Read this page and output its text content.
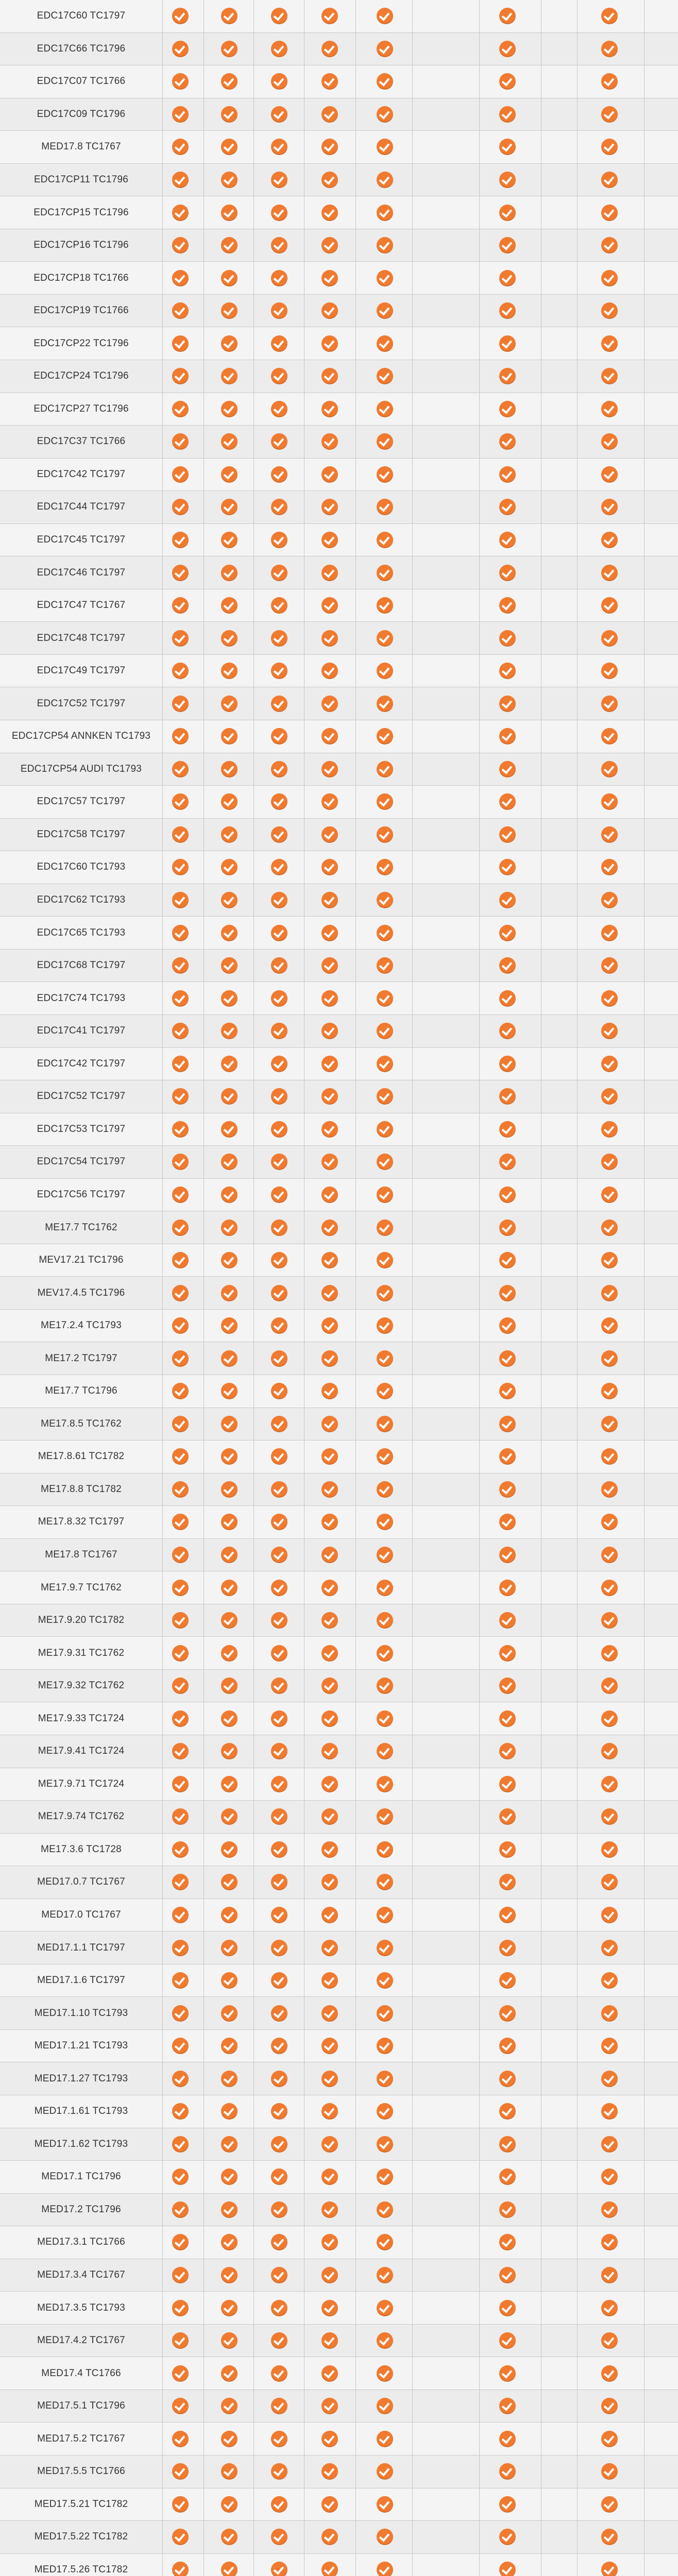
EDC17C60 TC1797
EDC17C66 TC1796
EDC17C07 TC1766
EDC17C09 TC1796
MED17.8 TC1767
EDC17CP11 TC1796
EDC17CP15 TC1796
EDC17CP16 TC1796
EDC17CP18 TC1766
EDC17CP19 TC1766
EDC17CP22 TC1796
EDC17CP24 TC1796
EDC17CP27 TC1796
EDC17C37 TC1766
EDC17C42 TC1797
EDC17C44 TC1797
EDC17C45 TC1797
EDC17C46 TC1797
EDC17C47 TC1767
EDC17C48 TC1797
EDC17C49 TC1797
EDC17C52 TC1797
EDC17CP54 ANNKEN TC1793
EDC17CP54 AUDI TC1793
EDC17C57 TC1797
EDC17C58 TC1797
EDC17C60 TC1793
EDC17C62 TC1793
EDC17C65 TC1793
EDC17C68 TC1797
EDC17C74 TC1793
EDC17C41 TC1797
EDC17C42 TC1797
EDC17C52 TC1797
EDC17C53 TC1797
EDC17C54 TC1797
EDC17C56 TC1797
ME17.7 TC1762
MEV17.21 TC1796
MEV17.4.5 TC1796
ME17.2.4 TC1793
ME17.2 TC1797
ME17.7 TC1796
ME17.8.5 TC1762
ME17.8.61 TC1782
ME17.8.8 TC1782
ME17.8.32 TC1797
ME17.8 TC1767
ME17.9.7 TC1762
ME17.9.20 TC1782
ME17.9.31 TC1762
ME17.9.32 TC1762
ME17.9.33 TC1724
ME17.9.41 TC1724
ME17.9.71 TC1724
ME17.9.74 TC1762
ME17.3.6 TC1728
MED17.0.7 TC1767
MED17.0 TC1767
MED17.1.1 TC1797
MED17.1.6 TC1797
MED17.1.10 TC1793
MED17.1.21 TC1793
MED17.1.27 TC1793
MED17.1.61 TC1793
MED17.1.62 TC1793
MED17.1 TC1796
MED17.2 TC1796
MED17.3.1 TC1766
MED17.3.4 TC1767
MED17.3.5 TC1793
MED17.4.2 TC1767
MED17.4 TC1766
MED17.5.1 TC1796
MED17.5.2 TC1767
MED17.5.5 TC1766
MED17.5.21 TC1782
MED17.5.22 TC1782
MED17.5.26 TC1782
